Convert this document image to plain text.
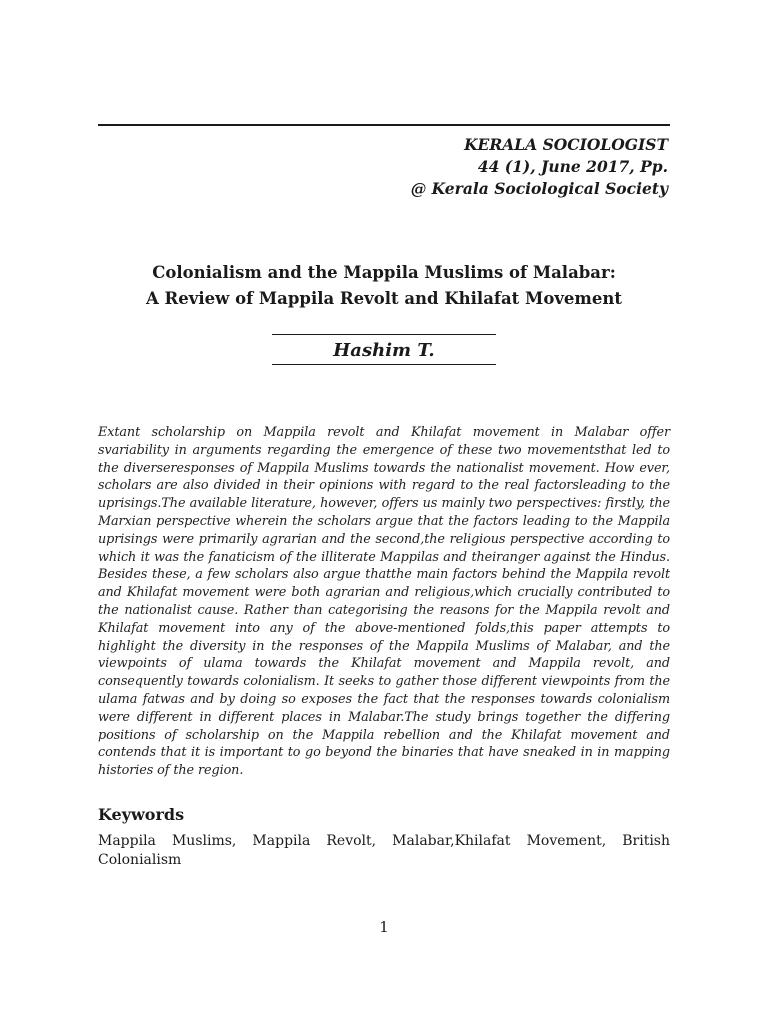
KERALA SOCIOLOGIST
44 (1), June 2017, Pp.
@ Kerala Sociological Society
Colonialism and the Mappila Muslims of Malabar:
A Review of Mappila Revolt and Khilafat Movement
Hashim T.
Extant scholarship on Mappila revolt and Khilafat movement in Malabar offer svariability in arguments regarding the emergence of these two movementsthat led to the diverseresponses of Mappila Muslims towards the nationalist movement. How ever, scholars are also divided in their opinions with regard to the real factorsleading to the uprisings.The available literature, however, offers us mainly two perspectives: firstly, the Marxian perspective wherein the scholars argue that the factors leading to the Mappila uprisings were primarily agrarian and the second,the religious perspective according to which it was the fanaticism of the illiterate Mappilas and theiranger against the Hindus. Besides these, a few scholars also argue thatthe main factors behind the Mappila revolt and Khilafat movement were both agrarian and religious,which crucially contributed to the nationalist cause. Rather than categorising the reasons for the Mappila revolt and Khilafat movement into any of the above-mentioned folds,this paper attempts to highlight the diversity in the responses of the Mappila Muslims of Malabar, and the viewpoints of ulama towards the Khilafat movement and Mappila revolt, and consequently towards colonialism. It seeks to gather those different viewpoints from the ulama fatwas and by doing so exposes the fact that the responses towards colonialism were different in different places in Malabar.The study brings together the differing positions of scholarship on the Mappila rebellion and the Khilafat movement and contends that it is important to go beyond the binaries that have sneaked in in mapping histories of the region.
Keywords
Mappila Muslims, Mappila Revolt, Malabar,Khilafat Movement, British Colonialism
1
